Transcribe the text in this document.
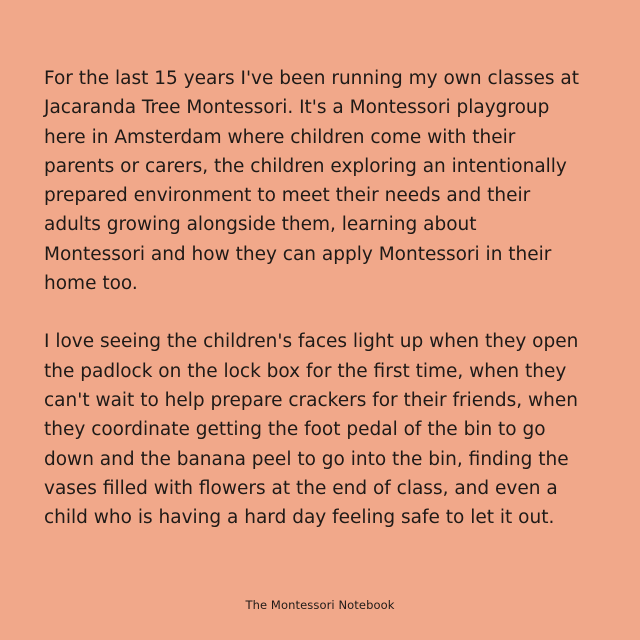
For the last 15 years I've been running my own classes at
Jacaranda Tree Montessori. It's a Montessori playgroup
here in Amsterdam where children come with their
parents or carers, the children exploring an intentionally
prepared environment to meet their needs and their
adults growing alongside them, learning about
Montessori and how they can apply Montessori in their
home too.

I love seeing the children's faces light up when they open
the padlock on the lock box for the first time, when they
can't wait to help prepare crackers for their friends, when
they coordinate getting the foot pedal of the bin to go
down and the banana peel to go into the bin, finding the
vases filled with flowers at the end of class, and even a
child who is having a hard day feeling safe to let it out.

The Montessori Notebook
